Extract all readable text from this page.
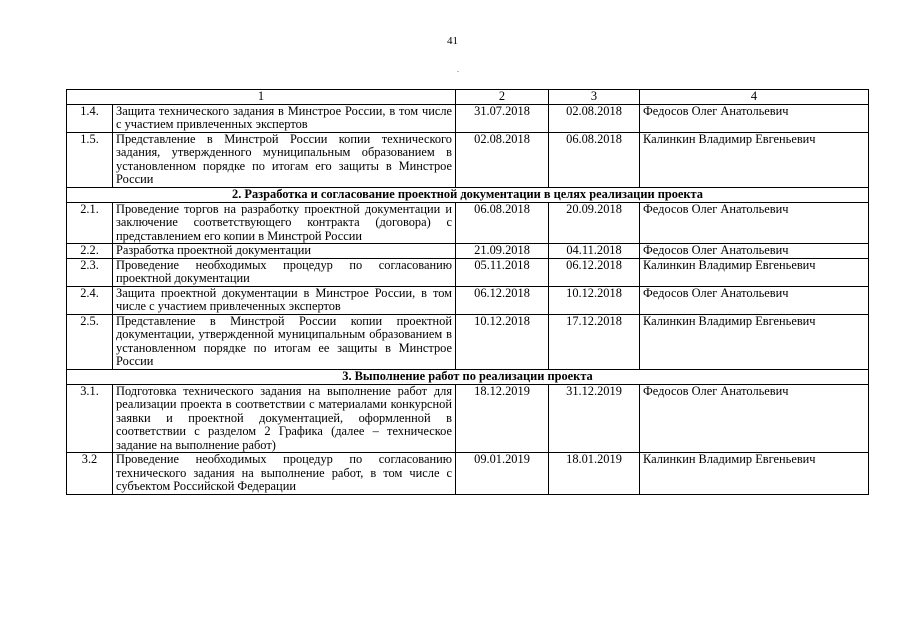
41
1		2	3	4
1.4.	Защита технического задания в Минстрое России, в том числе с участием привлеченных экспертов	31.07.2018	02.08.2018	Федосов Олег Анатольевич
1.5.	Представление в Минстрой России копии технического задания, утвержденного муниципальным образованием в установленном порядке по итогам его защиты в Минстрое России	02.08.2018	06.08.2018	Калинкин Владимир Евгеньевич
2. Разработка и согласование проектной документации в целях реализации проекта				
2.1.	Проведение торгов на разработку проектной документации и заключение соответствующего контракта (договора) с представлением его копии в Минстрой России	06.08.2018	20.09.2018	Федосов Олег Анатольевич
2.2.	Разработка проектной документации	21.09.2018	04.11.2018	Федосов Олег Анатольевич
2.3.	Проведение необходимых процедур по согласованию проектной документации	05.11.2018	06.12.2018	Калинкин Владимир Евгеньевич
2.4.	Защита проектной документации в Минстрое России, в том числе с участием привлеченных экспертов	06.12.2018	10.12.2018	Федосов Олег Анатольевич
2.5.	Представление в Минстрой России копии проектной документации, утвержденной муниципальным образованием в установленном порядке по итогам ее защиты в Минстрое России	10.12.2018	17.12.2018	Калинкин Владимир Евгеньевич
3. Выполнение работ по реализации проекта				
3.1.	Подготовка технического задания на выполнение работ для реализации проекта в соответствии с материалами конкурсной заявки и проектной документацией, оформленной в соответствии с разделом 2 Графика (далее – техническое задание на выполнение работ)	18.12.2019	31.12.2019	Федосов Олег Анатольевич
3.2	Проведение необходимых процедур по согласованию технического задания на выполнение работ, в том числе с субъектом Российской Федерации	09.01.2019	18.01.2019	Калинкин Владимир Евгеньевич
